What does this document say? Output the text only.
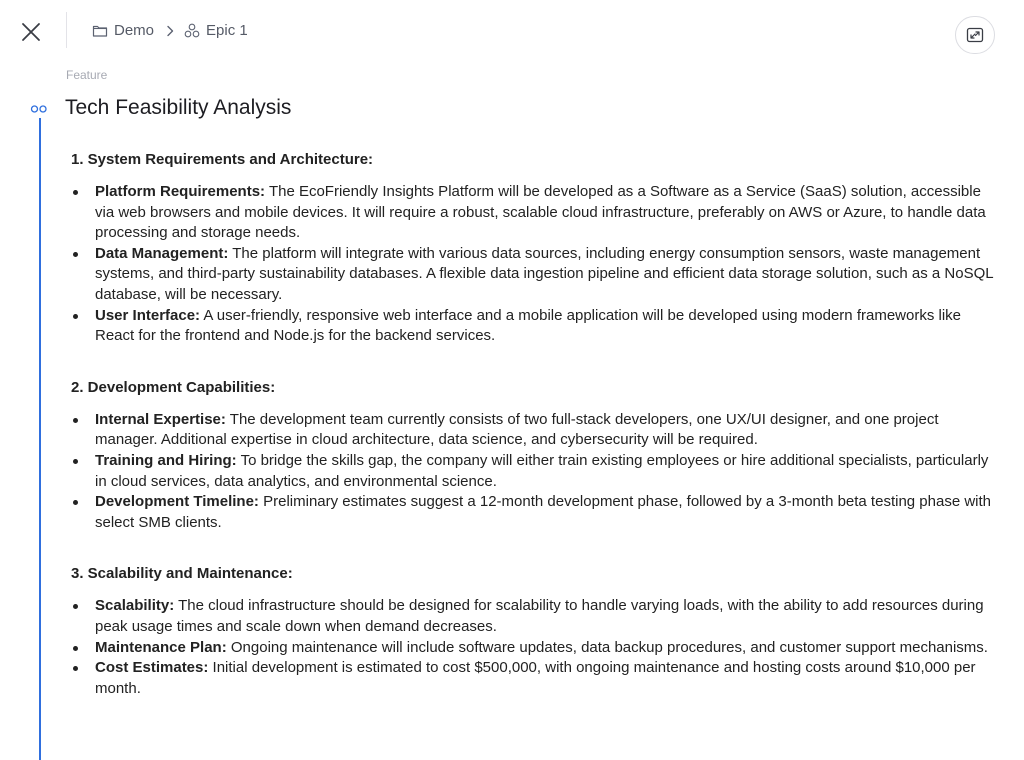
Demo	Epic 1
Feature
Tech Feasibility Analysis
1. System Requirements and Architecture:
Platform Requirements: The EcoFriendly Insights Platform will be developed as a Software as a Service (SaaS) solution, accessible via web browsers and mobile devices. It will require a robust, scalable cloud infrastructure, preferably on AWS or Azure, to handle data processing and storage needs.
Data Management: The platform will integrate with various data sources, including energy consumption sensors, waste management systems, and third-party sustainability databases. A flexible data ingestion pipeline and efficient data storage solution, such as a NoSQL database, will be necessary.
User Interface: A user-friendly, responsive web interface and a mobile application will be developed using modern frameworks like React for the frontend and Node.js for the backend services.
2. Development Capabilities:
Internal Expertise: The development team currently consists of two full-stack developers, one UX/UI designer, and one project manager. Additional expertise in cloud architecture, data science, and cybersecurity will be required.
Training and Hiring: To bridge the skills gap, the company will either train existing employees or hire additional specialists, particularly in cloud services, data analytics, and environmental science.
Development Timeline: Preliminary estimates suggest a 12-month development phase, followed by a 3-month beta testing phase with select SMB clients.
3. Scalability and Maintenance:
Scalability: The cloud infrastructure should be designed for scalability to handle varying loads, with the ability to add resources during peak usage times and scale down when demand decreases.
Maintenance Plan: Ongoing maintenance will include software updates, data backup procedures, and customer support mechanisms.
Cost Estimates: Initial development is estimated to cost $500,000, with ongoing maintenance and hosting costs around $10,000 per month.
